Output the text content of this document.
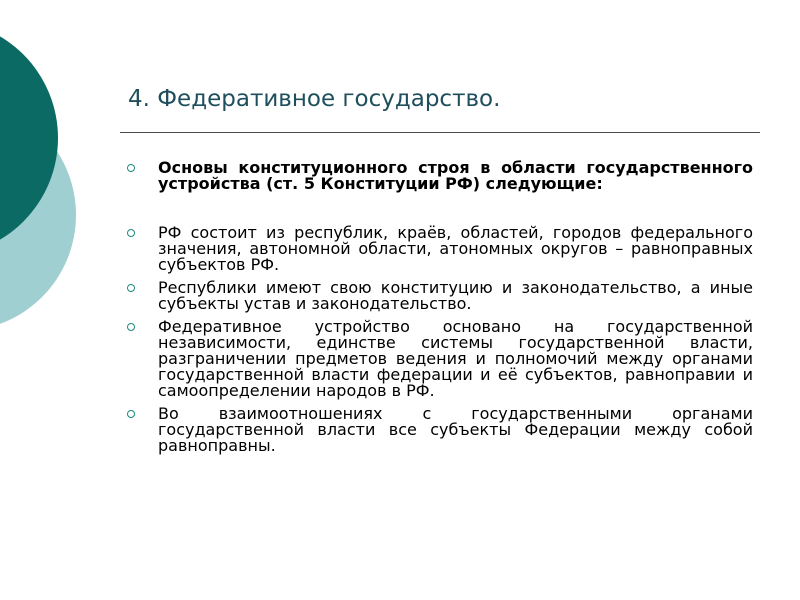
4. Федеративное государство.
Основы конституционного строя в области государственного устройства (ст. 5 Конституции РФ) следующие:
РФ состоит из республик, краёв, областей, городов федерального значения, автономной области, атономных округов – равноправных субъектов РФ.
Республики имеют свою конституцию и законодательство, а иные субъекты устав и законодательство.
Федеративное устройство основано на государственной независимости, единстве системы государственной власти, разграничении предметов ведения и полномочий между органами государственной власти федерации и её субъектов, равноправии и самоопределении народов в РФ.
Во взаимоотношениях с государственными органами государственной власти все субъекты Федерации между собой равноправны.
